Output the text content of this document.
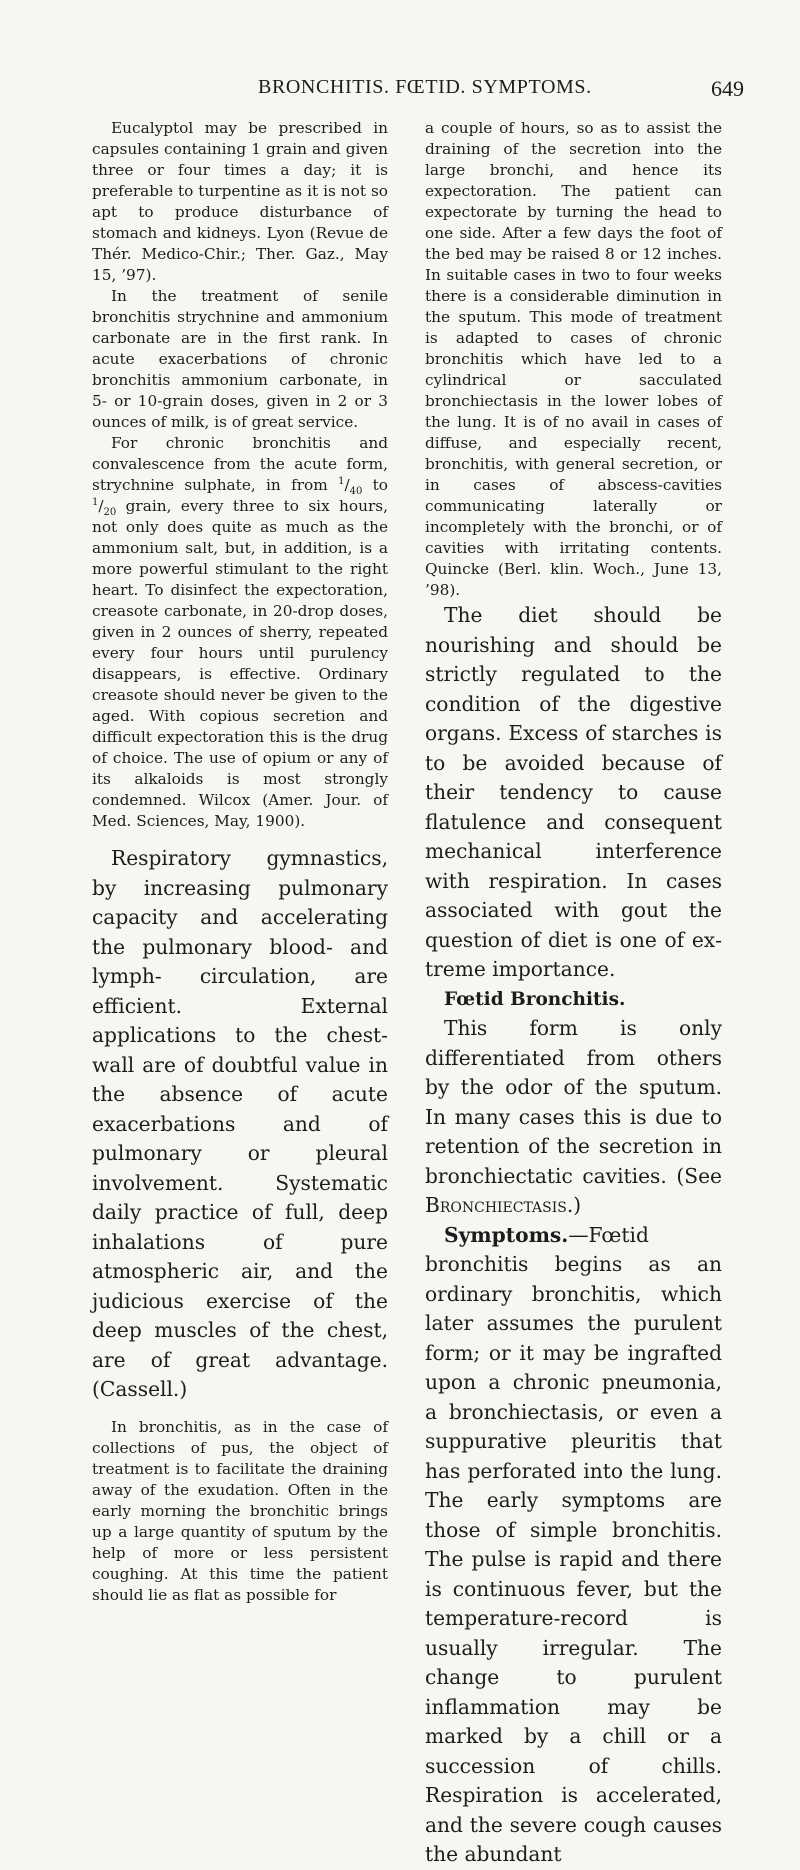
BRONCHITIS. FŒTID. SYMPTOMS.	649

Eucalyptol may be prescribed in capsules containing 1 grain and given three or four times a day; it is preferable to turpentine as it is not so apt to produce disturbance of stomach and kidneys. Lyon (Revue de Thér. Medico-Chir.; Ther. Gaz., May 15, ’97).

In the treatment of senile bronchitis strychnine and ammonium carbonate are in the first rank. In acute exacerbations of chronic bronchitis ammonium carbonate, in 5- or 10-grain doses, given in 2 or 3 ounces of milk, is of great service.

For chronic bronchitis and convalescence from the acute form, strychnine sulphate, in from $^1/_{40}$ to $^1/_{20}$ grain, every three to six hours, not only does quite as much as the ammonium salt, but, in addition, is a more powerful stimulant to the right heart. To disinfect the expectoration, creasote carbonate, in 20-drop doses, given in 2 ounces of sherry, repeated every four hours until purulency disappears, is effective. Ordinary creasote should never be given to the aged. With copious secretion and difficult expectoration this is the drug of choice. The use of opium or any of its alkaloids is most strongly condemned. Wilcox (Amer. Jour. of Med. Sciences, May, 1900).

Respiratory gymnastics, by increasing pulmonary capacity and accelerating the pulmonary blood- and lymph- circulation, are efficient. External applications to the chest-wall are of doubtful value in the absence of acute exacerbations and of pulmonary or pleural involvement. Systematic daily practice of full, deep inhalations of pure atmospheric air, and the judicious exercise of the deep muscles of the chest, are of great advantage. (Cassell.)

In bronchitis, as in the case of collections of pus, the object of treatment is to facilitate the draining away of the exudation. Often in the early morning the bronchitic brings up a large quantity of sputum by the help of more or less persistent coughing. At this time the patient should lie as flat as possible for

a couple of hours, so as to assist the draining of the secretion into the large bronchi, and hence its expectoration. The patient can expectorate by turning the head to one side. After a few days the foot of the bed may be raised 8 or 12 inches. In suitable cases in two to four weeks there is a considerable diminution in the sputum. This mode of treatment is adapted to cases of chronic bronchitis which have led to a cylindrical or sacculated bronchiectasis in the lower lobes of the lung. It is of no avail in cases of diffuse, and especially recent, bronchitis, with general secretion, or in cases of abscess-cavities communicating laterally or incompletely with the bronchi, or of cavities with irritating contents. Quincke (Berl. klin. Woch., June 13, ’98).

The diet should be nourishing and should be strictly regulated to the condition of the digestive organs. Excess of starches is to be avoided because of their tendency to cause flatulence and consequent mechanical interference with respiration. In cases associated with gout the question of diet is one of extreme importance.

Fœtid Bronchitis.

This form is only differentiated from others by the odor of the sputum. In many cases this is due to retention of the secretion in bronchiectatic cavities. (See Bronchiectasis.)

Symptoms.—Fœtid bronchitis begins as an ordinary bronchitis, which later assumes the purulent form; or it may be ingrafted upon a chronic pneumonia, a bronchiectasis, or even a suppurative pleuritis that has perforated into the lung. The early symptoms are those of simple bronchitis. The pulse is rapid and there is continuous fever, but the temperature-record is usually irregular. The change to purulent inflammation may be marked by a chill or a succession of chills. Respiration is accelerated, and the severe cough causes the abundant
